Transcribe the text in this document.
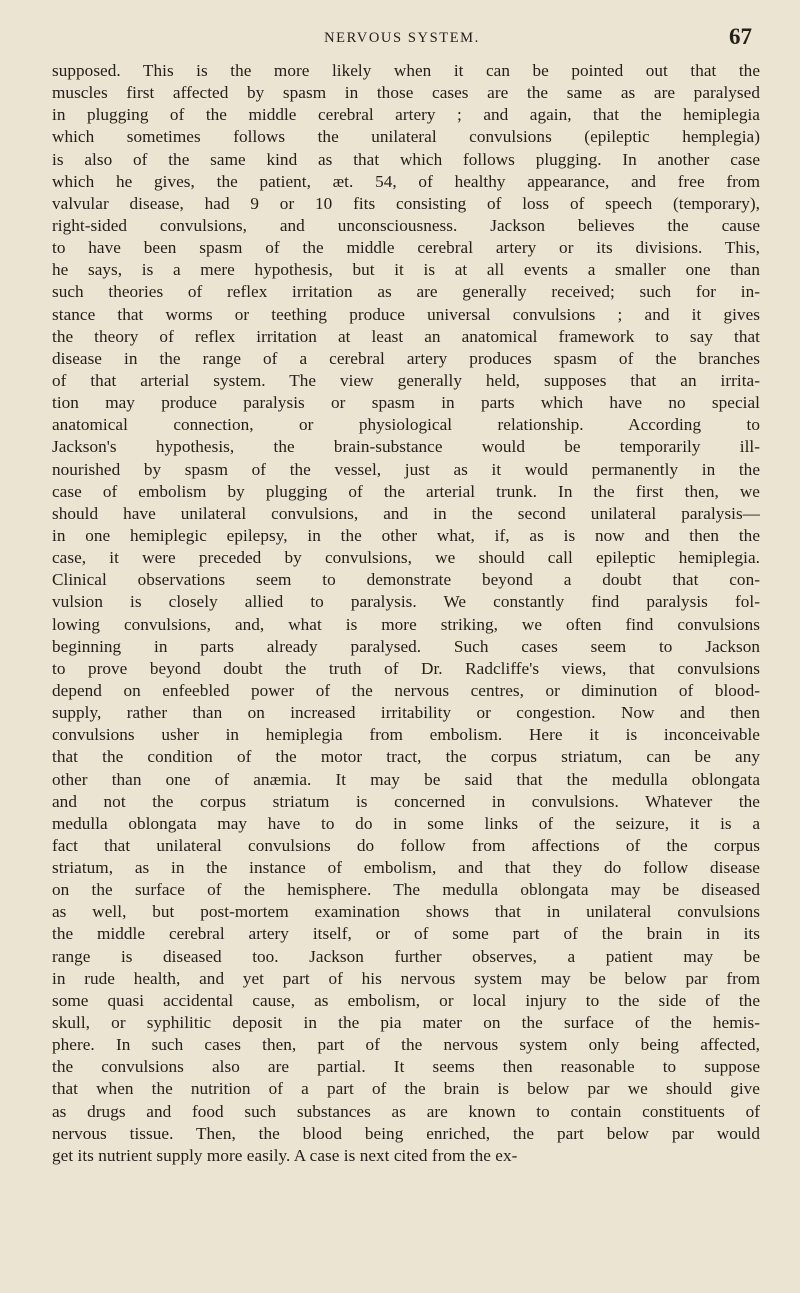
NERVOUS SYSTEM.	67
supposed. This is the more likely when it can be pointed out that the
muscles first affected by spasm in those cases are the same as are paralysed
in plugging of the middle cerebral artery ; and again, that the hemiplegia
which sometimes follows the unilateral convulsions (epileptic hemplegia)
is also of the same kind as that which follows plugging. In another case
which he gives, the patient, æt. 54, of healthy appearance, and free from
valvular disease, had 9 or 10 fits consisting of loss of speech (temporary),
right-sided convulsions, and unconsciousness. Jackson believes the cause
to have been spasm of the middle cerebral artery or its divisions. This,
he says, is a mere hypothesis, but it is at all events a smaller one than
such theories of reflex irritation as are generally received; such for in-
stance that worms or teething produce universal convulsions ; and it gives
the theory of reflex irritation at least an anatomical framework to say that
disease in the range of a cerebral artery produces spasm of the branches
of that arterial system. The view generally held, supposes that an irrita-
tion may produce paralysis or spasm in parts which have no special
anatomical connection, or physiological relationship. According to
Jackson's hypothesis, the brain-substance would be temporarily ill-
nourished by spasm of the vessel, just as it would permanently in the
case of embolism by plugging of the arterial trunk. In the first then, we
should have unilateral convulsions, and in the second unilateral paralysis—
in one hemiplegic epilepsy, in the other what, if, as is now and then the
case, it were preceded by convulsions, we should call epileptic hemiplegia.
Clinical observations seem to demonstrate beyond a doubt that con-
vulsion is closely allied to paralysis. We constantly find paralysis fol-
lowing convulsions, and, what is more striking, we often find convulsions
beginning in parts already paralysed. Such cases seem to Jackson
to prove beyond doubt the truth of Dr. Radcliffe's views, that convulsions
depend on enfeebled power of the nervous centres, or diminution of blood-
supply, rather than on increased irritability or congestion. Now and then
convulsions usher in hemiplegia from embolism. Here it is inconceivable
that the condition of the motor tract, the corpus striatum, can be any
other than one of anæmia. It may be said that the medulla oblongata
and not the corpus striatum is concerned in convulsions. Whatever the
medulla oblongata may have to do in some links of the seizure, it is a
fact that unilateral convulsions do follow from affections of the corpus
striatum, as in the instance of embolism, and that they do follow disease
on the surface of the hemisphere. The medulla oblongata may be diseased
as well, but post-mortem examination shows that in unilateral convulsions
the middle cerebral artery itself, or of some part of the brain in its
range is diseased too. Jackson further observes, a patient may be
in rude health, and yet part of his nervous system may be below par from
some quasi accidental cause, as embolism, or local injury to the side of the
skull, or syphilitic deposit in the pia mater on the surface of the hemis-
phere. In such cases then, part of the nervous system only being affected,
the convulsions also are partial. It seems then reasonable to suppose
that when the nutrition of a part of the brain is below par we should give
as drugs and food such substances as are known to contain constituents of
nervous tissue. Then, the blood being enriched, the part below par would
get its nutrient supply more easily. A case is next cited from the ex-
